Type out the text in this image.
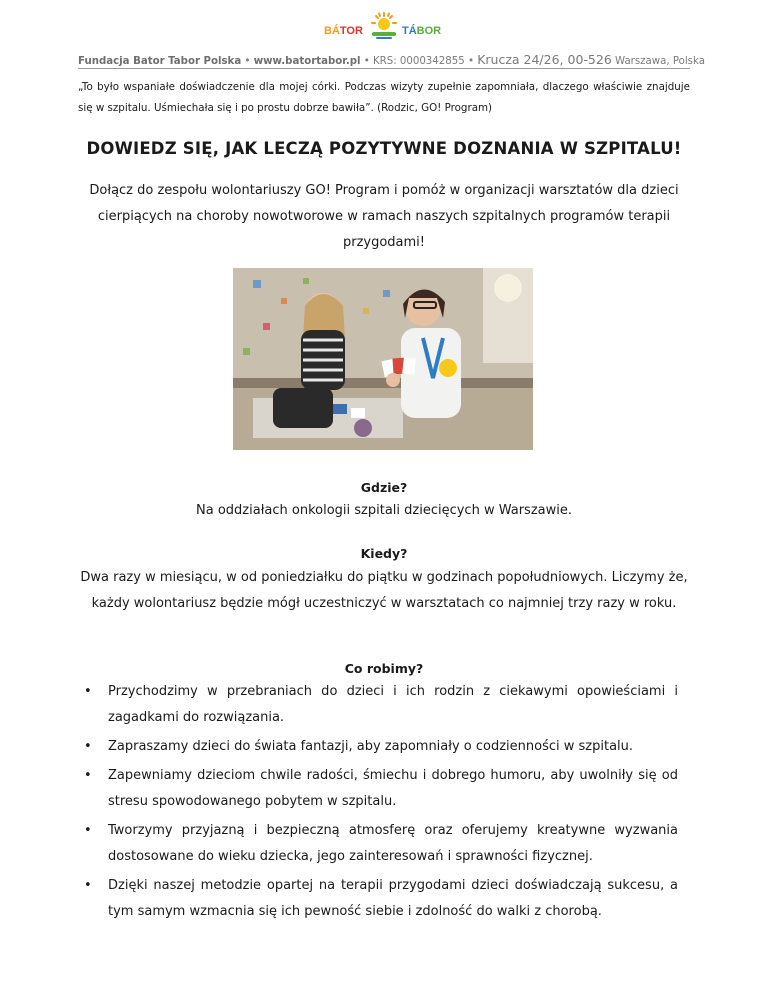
BÁTOR	TÁBOR
Fundacja Bator Tabor Polska • www.batortabor.pl • KRS: 0000342855 • Krucza 24/26, 00-526 Warszawa, Polska
„To było wspaniałe doświadczenie dla mojej córki. Podczas wizyty zupełnie zapomniała, dlaczego właściwie znajduje się w szpitalu. Uśmiechała się i po prostu dobrze bawiła”. (Rodzic, GO! Program)
DOWIEDZ SIĘ, JAK LECZĄ POZYTYWNE DOZNANIA W SZPITALU!
Dołącz do zespołu wolontariuszy GO! Program i pomóż w organizacji warsztatów dla dzieci cierpiących na choroby nowotworowe w ramach naszych szpitalnych programów terapii przygodami!
Gdzie?
Na oddziałach onkologii szpitali dziecięcych w Warszawie.
Kiedy?
Dwa razy w miesiącu, w od poniedziałku do piątku w godzinach popołudniowych. Liczymy że, każdy wolontariusz będzie mógł uczestniczyć w warsztatach co najmniej trzy razy w roku.
Co robimy?
• Przychodzimy w przebraniach do dzieci i ich rodzin z ciekawymi opowieściami i zagadkami do rozwiązania.
• Zapraszamy dzieci do świata fantazji, aby zapomniały o codzienności w szpitalu.
• Zapewniamy dzieciom chwile radości, śmiechu i dobrego humoru, aby uwolniły się od stresu spowodowanego pobytem w szpitalu.
• Tworzymy przyjazną i bezpieczną atmosferę oraz oferujemy kreatywne wyzwania dostosowane do wieku dziecka, jego zainteresowań i sprawności fizycznej.
• Dzięki naszej metodzie opartej na terapii przygodami dzieci doświadczają sukcesu, a tym samym wzmacnia się ich pewność siebie i zdolność do walki z chorobą.
